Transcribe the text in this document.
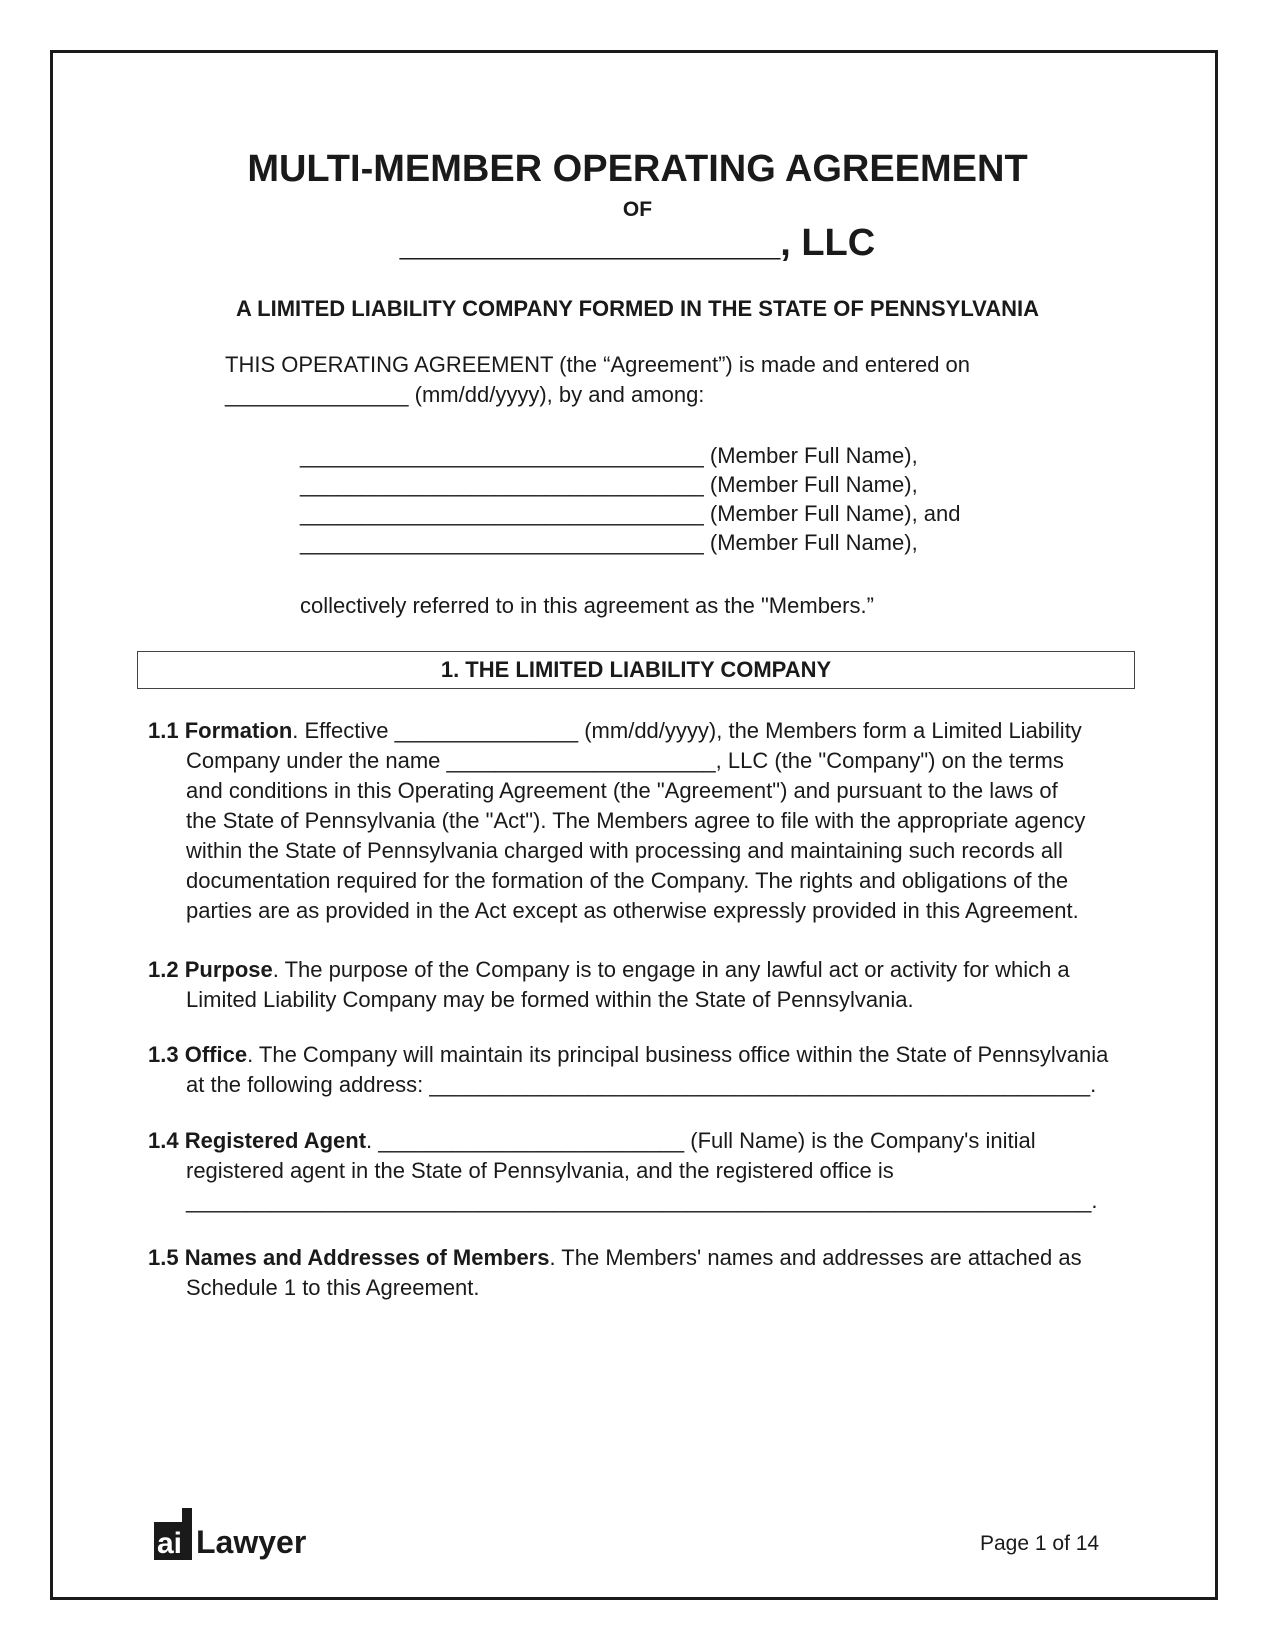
MULTI-MEMBER OPERATING AGREEMENT
OF
__________________, LLC
A LIMITED LIABILITY COMPANY FORMED IN THE STATE OF PENNSYLVANIA
THIS OPERATING AGREEMENT (the “Agreement”) is made and entered on
_______________ (mm/dd/yyyy), by and among:
_________________________________ (Member Full Name),
_________________________________ (Member Full Name),
_________________________________ (Member Full Name), and
_________________________________ (Member Full Name),
collectively referred to in this agreement as the "Members.”
1. THE LIMITED LIABILITY COMPANY
1.1 Formation. Effective _______________ (mm/dd/yyyy), the Members form a Limited Liability
Company under the name ______________________, LLC (the "Company") on the terms
and conditions in this Operating Agreement (the "Agreement") and pursuant to the laws of
the State of Pennsylvania (the "Act"). The Members agree to file with the appropriate agency
within the State of Pennsylvania charged with processing and maintaining such records all
documentation required for the formation of the Company. The rights and obligations of the
parties are as provided in the Act except as otherwise expressly provided in this Agreement.
1.2 Purpose. The purpose of the Company is to engage in any lawful act or activity for which a
Limited Liability Company may be formed within the State of Pennsylvania.
1.3 Office. The Company will maintain its principal business office within the State of Pennsylvania
at the following address: ______________________________________________________.
1.4 Registered Agent. _________________________ (Full Name) is the Company's initial
registered agent in the State of Pennsylvania, and the registered office is
__________________________________________________________________________.
1.5 Names and Addresses of Members. The Members' names and addresses are attached as
Schedule 1 to this Agreement.
ai Lawyer	Page 1 of 14
